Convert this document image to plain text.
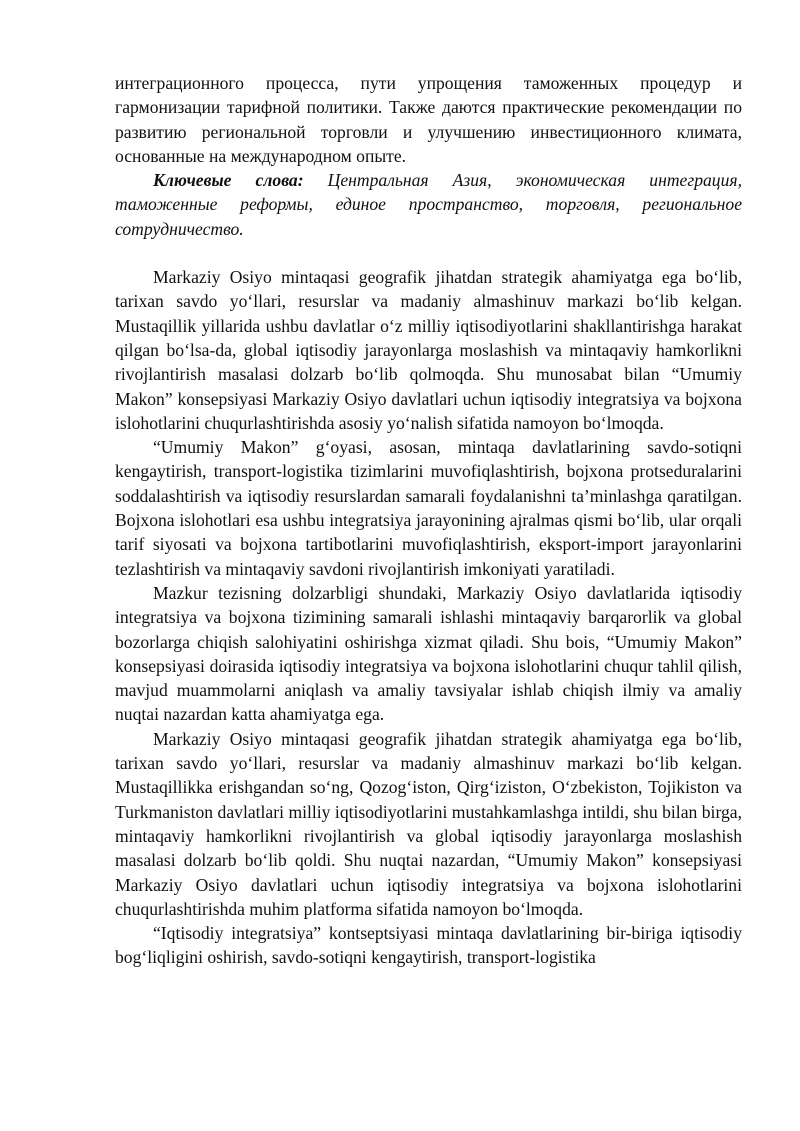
интеграционного процесса, пути упрощения таможенных процедур и гармонизации тарифной политики. Также даются практические рекомендации по развитию региональной торговли и улучшению инвестиционного климата, основанные на международном опыте.

Ключевые слова: Центральная Азия, экономическая интеграция, таможенные реформы, единое пространство, торговля, региональное сотрудничество.

Markaziy Osiyo mintaqasi geografik jihatdan strategik ahamiyatga ega bo‘lib, tarixan savdo yo‘llari, resurslar va madaniy almashinuv markazi bo‘lib kelgan. Mustaqillik yillarida ushbu davlatlar o‘z milliy iqtisodiyotlarini shakllantirishga harakat qilgan bo‘lsa-da, global iqtisodiy jarayonlarga moslashish va mintaqaviy hamkorlikni rivojlantirish masalasi dolzarb bo‘lib qolmoqda. Shu munosabat bilan “Umumiy Makon” konsepsiyasi Markaziy Osiyo davlatlari uchun iqtisodiy integratsiya va bojxona islohotlarini chuqurlashtirishda asosiy yo‘nalish sifatida namoyon bo‘lmoqda.

“Umumiy Makon” g‘oyasi, asosan, mintaqa davlatlarining savdo-sotiqni kengaytirish, transport-logistika tizimlarini muvofiqlashtirish, bojxona protseduralarini soddalashtirish va iqtisodiy resurslardan samarali foydalanishni ta’minlashga qaratilgan. Bojxona islohotlari esa ushbu integratsiya jarayonining ajralmas qismi bo‘lib, ular orqali tarif siyosati va bojxona tartibotlarini muvofiqlashtirish, eksport-import jarayonlarini tezlashtirish va mintaqaviy savdoni rivojlantirish imkoniyati yaratiladi.

Mazkur tezisning dolzarbligi shundaki, Markaziy Osiyo davlatlarida iqtisodiy integratsiya va bojxona tizimining samarali ishlashi mintaqaviy barqarorlik va global bozorlarga chiqish salohiyatini oshirishga xizmat qiladi. Shu bois, “Umumiy Makon” konsepsiyasi doirasida iqtisodiy integratsiya va bojxona islohotlarini chuqur tahlil qilish, mavjud muammolarni aniqlash va amaliy tavsiyalar ishlab chiqish ilmiy va amaliy nuqtai nazardan katta ahamiyatga ega.

Markaziy Osiyo mintaqasi geografik jihatdan strategik ahamiyatga ega bo‘lib, tarixan savdo yo‘llari, resurslar va madaniy almashinuv markazi bo‘lib kelgan. Mustaqillikka erishgandan so‘ng, Qozog‘iston, Qirg‘iziston, O‘zbekiston, Tojikiston va Turkmaniston davlatlari milliy iqtisodiyotlarini mustahkamlashga intildi, shu bilan birga, mintaqaviy hamkorlikni rivojlantirish va global iqtisodiy jarayonlarga moslashish masalasi dolzarb bo‘lib qoldi. Shu nuqtai nazardan, “Umumiy Makon” konsepsiyasi Markaziy Osiyo davlatlari uchun iqtisodiy integratsiya va bojxona islohotlarini chuqurlashtirishda muhim platforma sifatida namoyon bo‘lmoqda.

“Iqtisodiy integratsiya” kontseptsiyasi mintaqa davlatlarining bir-biriga iqtisodiy bog‘liqligini oshirish, savdo-sotiqni kengaytirish, transport-logistika
